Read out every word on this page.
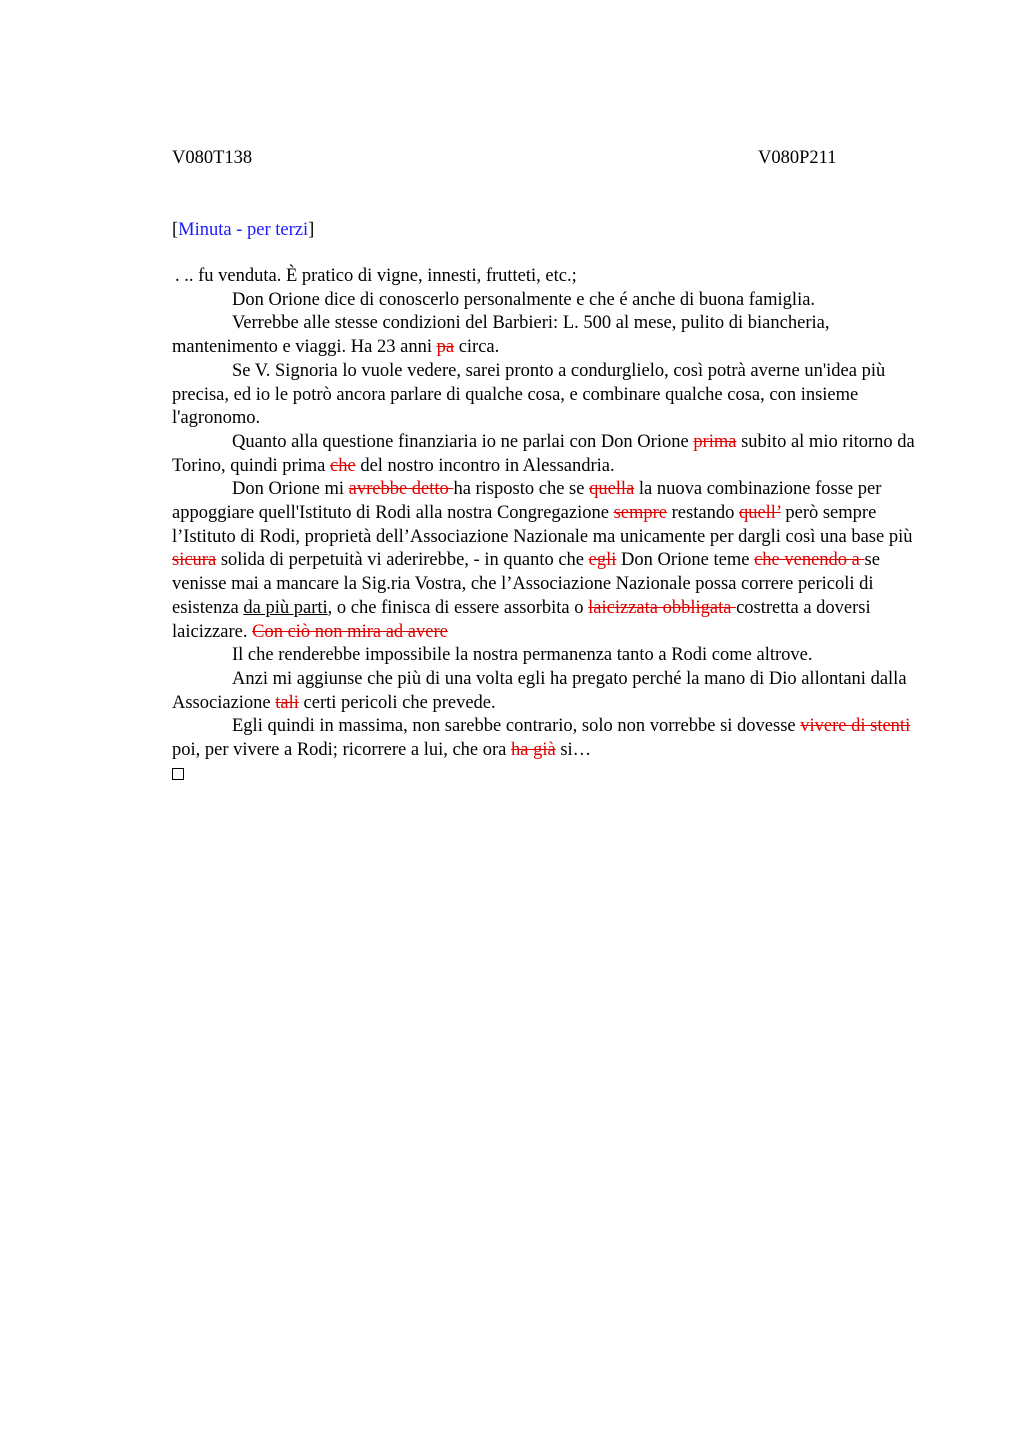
V080T138	V080P211
[Minuta - per terzi]

. .. fu venduta. È pratico di vigne, innesti, frutteti, etc.;

Don Orione dice di conoscerlo personalmente e che é anche di buona famiglia.

Verrebbe alle stesse condizioni del Barbieri: L. 500 al mese, pulito di biancheria, mantenimento e viaggi. Ha 23 anni pa circa.

Se V. Signoria lo vuole vedere, sarei pronto a condurglielo, così potrà averne un'idea più precisa, ed io le potrò ancora parlare di qualche cosa, e combinare qualche cosa, con insieme l'agronomo.

Quanto alla questione finanziaria io ne parlai con Don Orione prima subito al mio ritorno da Torino, quindi prima che del nostro incontro in Alessandria.

Don Orione mi avrebbe detto ha risposto che se quella la nuova combinazione fosse per appoggiare quell'Istituto di Rodi alla nostra Congregazione sempre restando quell’ però sempre l’Istituto di Rodi, proprietà dell’Associazione Nazionale ma unicamente per dargli così una base più sicura solida di perpetuità vi aderirebbe, - in quanto che egli Don Orione teme che venendo a se venisse mai a mancare la Sig.ria Vostra, che l’Associazione Nazionale possa correre pericoli di esistenza da più parti, o che finisca di essere assorbita o laicizzata obbligata costretta a doversi laicizzare. Con ciò non mira ad avere

Il che renderebbe impossibile la nostra permanenza tanto a Rodi come altrove.

Anzi mi aggiunse che più di una volta egli ha pregato perché la mano di Dio allontani dalla Associazione tali certi pericoli che prevede.

Egli quindi in massima, non sarebbe contrario, solo non vorrebbe si dovesse vivere di stenti poi, per vivere a Rodi; ricorrere a lui, che ora ha già si…
